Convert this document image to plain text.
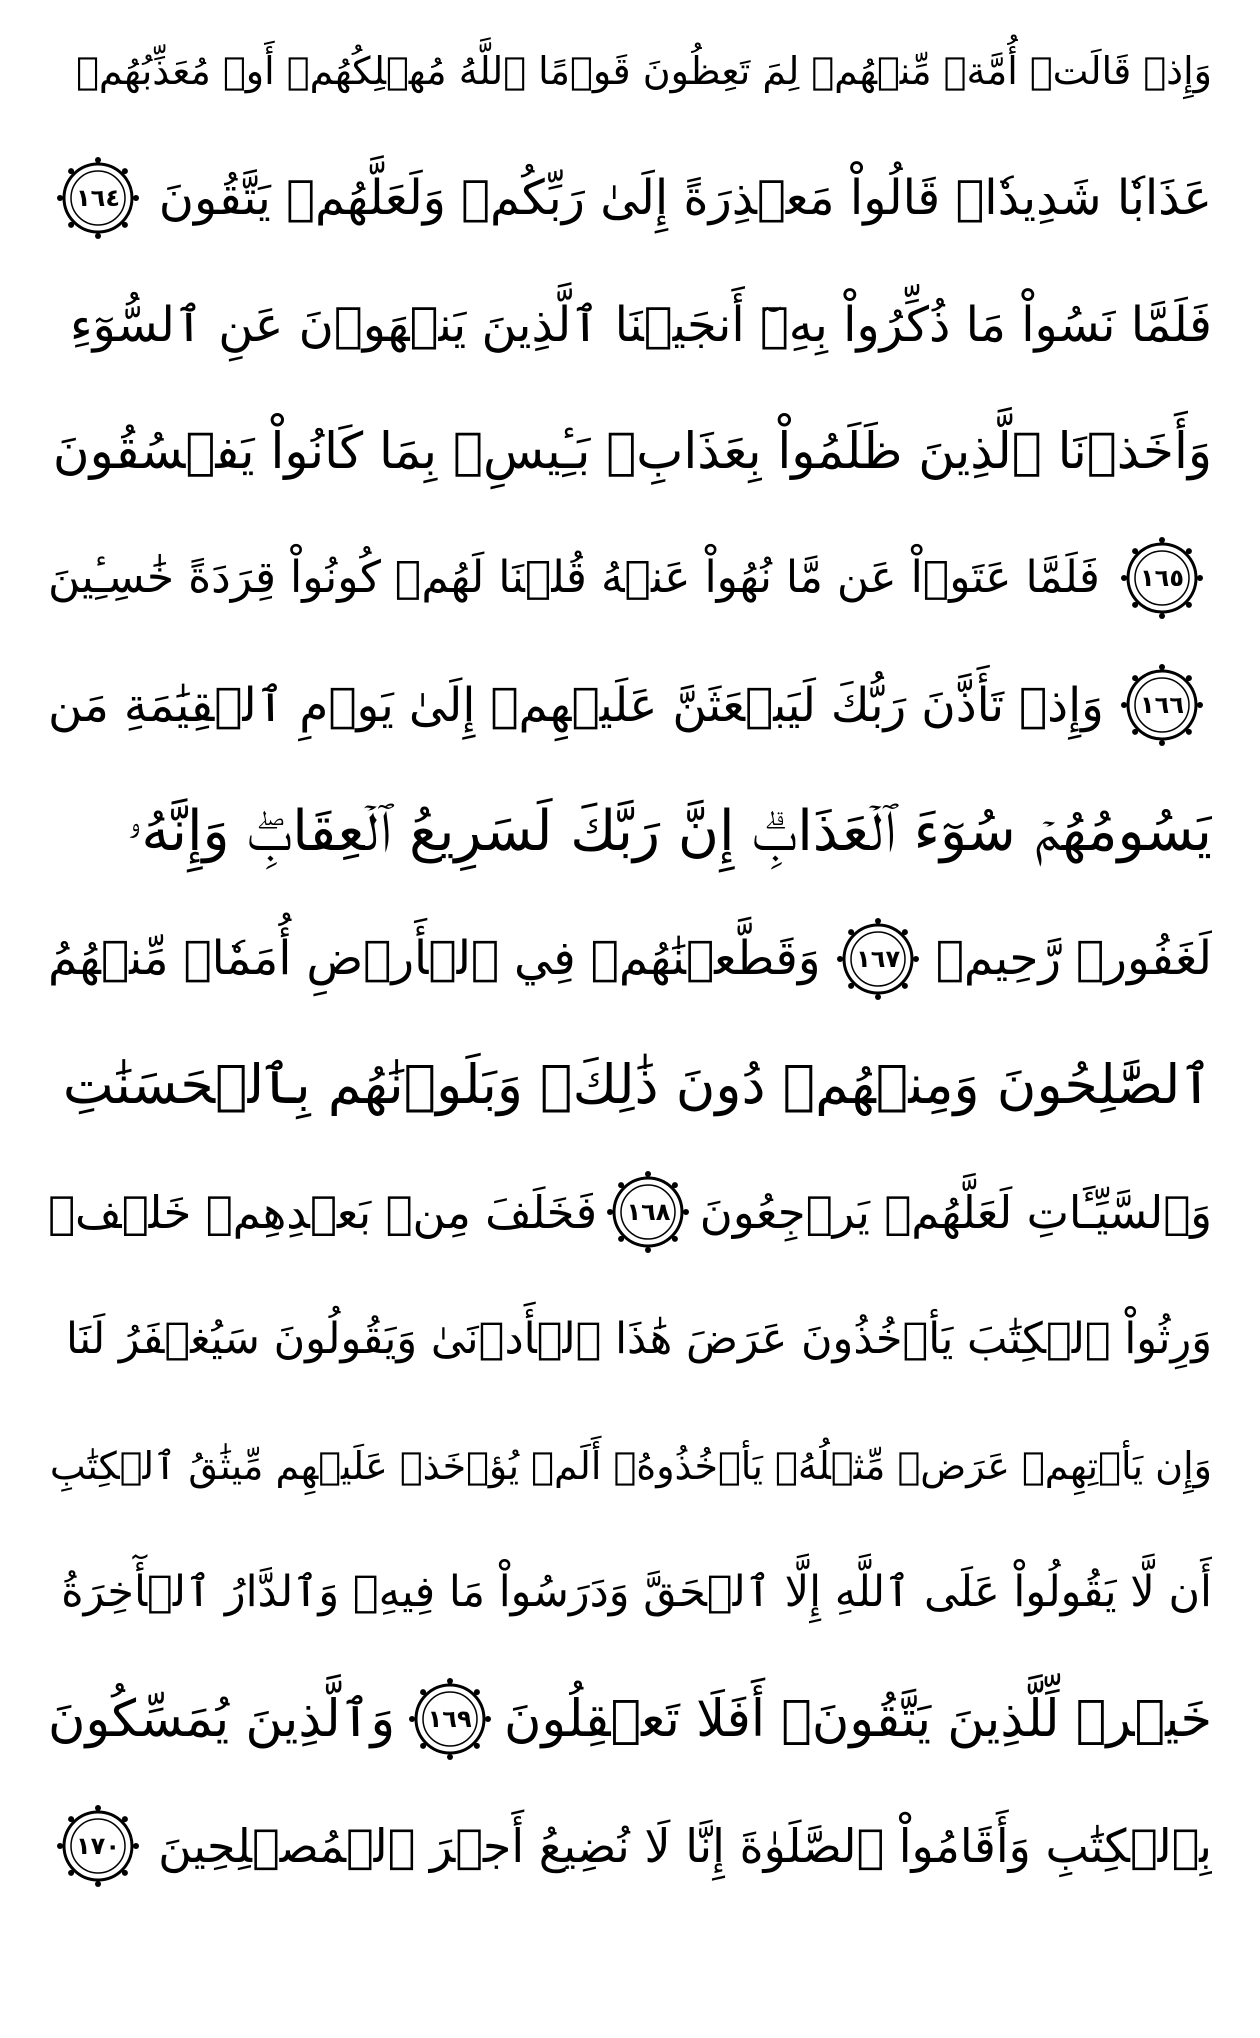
وَإِذۡ قَالَتۡ أُمَّةٞ مِّنۡهُمۡ لِمَ تَعِظُونَ قَوۡمًا ٱللَّهُ مُهۡلِكُهُمۡ أَوۡ مُعَذِّبُهُمۡ
عَذَابٗا شَدِيدٗاۖ قَالُواْ مَعۡذِرَةً إِلَىٰ رَبِّكُمۡ وَلَعَلَّهُمۡ يَتَّقُونَ
١٦٤
فَلَمَّا نَسُواْ مَا ذُكِّرُواْ بِهِۦٓ أَنجَيۡنَا ٱلَّذِينَ يَنۡهَوۡنَ عَنِ ٱلسُّوٓءِ
وَأَخَذۡنَا ٱلَّذِينَ ظَلَمُواْ بِعَذَابِۭ بَـِٔيسِۭ بِمَا كَانُواْ يَفۡسُقُونَ
١٦٥
فَلَمَّا عَتَوۡاْ عَن مَّا نُهُواْ عَنۡهُ قُلۡنَا لَهُمۡ كُونُواْ قِرَدَةً خَٰسِـِٔينَ
١٦٦
وَإِذۡ تَأَذَّنَ رَبُّكَ لَيَبۡعَثَنَّ عَلَيۡهِمۡ إِلَىٰ يَوۡمِ ٱلۡقِيَٰمَةِ مَن
يَسُومُهُمۡ سُوٓءَ ٱلۡعَذَابِۗ إِنَّ رَبَّكَ لَسَرِيعُ ٱلۡعِقَابِۖ وَإِنَّهُۥ
لَغَفُورٞ رَّحِيمٞ
١٦٧
وَقَطَّعۡنَٰهُمۡ فِي ٱلۡأَرۡضِ أُمَمٗاۖ مِّنۡهُمُ
ٱلصَّٰلِحُونَ وَمِنۡهُمۡ دُونَ ذَٰلِكَۖ وَبَلَوۡنَٰهُم بِٱلۡحَسَنَٰتِ
وَٱلسَّيِّـَٔاتِ لَعَلَّهُمۡ يَرۡجِعُونَ
١٦٨
فَخَلَفَ مِنۢ بَعۡدِهِمۡ خَلۡفٞ
وَرِثُواْ ٱلۡكِتَٰبَ يَأۡخُذُونَ عَرَضَ هَٰذَا ٱلۡأَدۡنَىٰ وَيَقُولُونَ سَيُغۡفَرُ لَنَا
وَإِن يَأۡتِهِمۡ عَرَضٞ مِّثۡلُهُۥ يَأۡخُذُوهُۚ أَلَمۡ يُؤۡخَذۡ عَلَيۡهِم مِّيثَٰقُ ٱلۡكِتَٰبِ
أَن لَّا يَقُولُواْ عَلَى ٱللَّهِ إِلَّا ٱلۡحَقَّ وَدَرَسُواْ مَا فِيهِۗ وَٱلدَّارُ ٱلۡأٓخِرَةُ
خَيۡرٞ لِّلَّذِينَ يَتَّقُونَۚ أَفَلَا تَعۡقِلُونَ
١٦٩
وَٱلَّذِينَ يُمَسِّكُونَ
بِٱلۡكِتَٰبِ وَأَقَامُواْ ٱلصَّلَوٰةَ إِنَّا لَا نُضِيعُ أَجۡرَ ٱلۡمُصۡلِحِينَ
١٧٠
